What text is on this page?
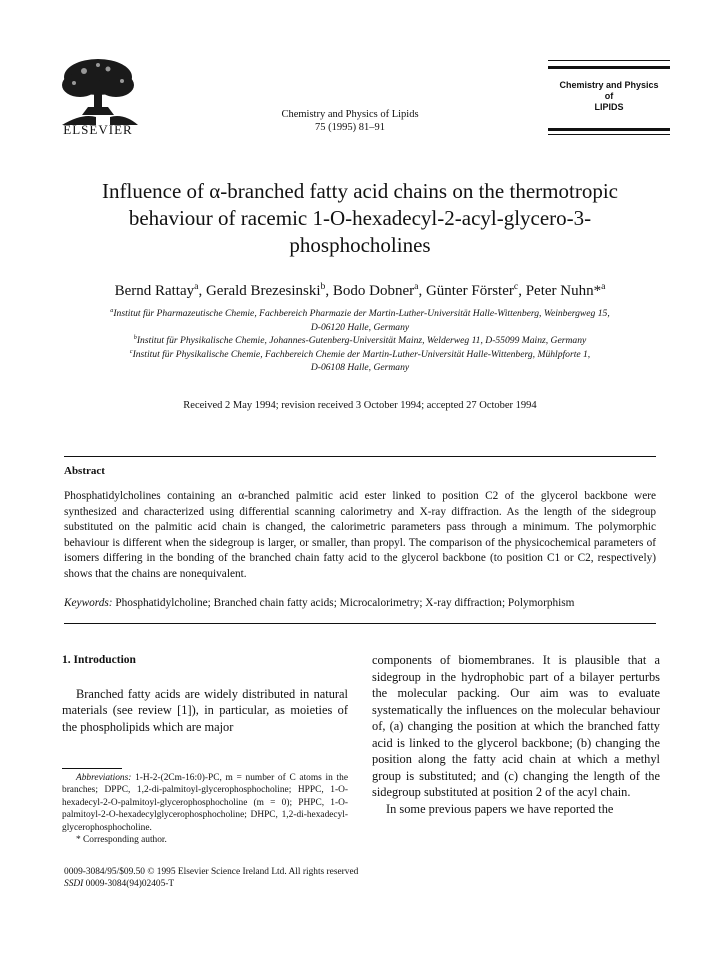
ELSEVIER
Chemistry and Physics of Lipids
75 (1995) 81–91
Chemistry and Physics
of
LIPIDS
Influence of α-branched fatty acid chains on the thermotropic
behaviour of racemic 1-O-hexadecyl-2-acyl-glycero-3-
phosphocholines
Bernd Rattay$^a$, Gerald Brezesinski$^b$, Bodo Dobner$^a$, Günter Förster$^c$, Peter Nuhn*$^a$
$^a$Institut für Pharmazeutische Chemie, Fachbereich Pharmazie der Martin-Luther-Universität Halle-Wittenberg, Weinbergweg 15,
D-06120 Halle, Germany
$^b$Institut für Physikalische Chemie, Johannes-Gutenberg-Universität Mainz, Welderweg 11, D-55099 Mainz, Germany
$^c$Institut für Physikalische Chemie, Fachbereich Chemie der Martin-Luther-Universität Halle-Wittenberg, Mühlpforte 1,
D-06108 Halle, Germany
Received 2 May 1994; revision received 3 October 1994; accepted 27 October 1994
Abstract
Phosphatidylcholines containing an α-branched palmitic acid ester linked to position C2 of the glycerol backbone were synthesized and characterized using differential scanning calorimetry and X-ray diffraction. As the length of the sidegroup substituted on the palmitic acid chain is changed, the calorimetric parameters pass through a minimum. The polymorphic behaviour is different when the sidegroup is larger, or smaller, than propyl. The comparison of the physicochemical parameters of isomers differing in the bonding of the branched chain fatty acid to the glycerol backbone (to position C1 or C2, respectively) shows that the chains are nonequivalent.
Keywords: Phosphatidylcholine; Branched chain fatty acids; Microcalorimetry; X-ray diffraction; Polymorphism
1. Introduction

Branched fatty acids are widely distributed in natural materials (see review [1]), in particular, as moieties of the phospholipids which are major

Abbreviations: 1-H-2-(2Cm-16:0)-PC, m = number of C atoms in the branches; DPPC, 1,2-di-palmitoyl-glycerophosphocholine; HPPC, 1-O-hexadecyl-2-O-palmitoyl-glycerophosphocholine (m = 0); PHPC, 1-O-palmitoyl-2-O-hexadecylglycerophosphocholine; DHPC, 1,2-di-hexadecyl-glycerophosphocholine.
* Corresponding author.

components of biomembranes. It is plausible that a sidegroup in the hydrophobic part of a bilayer perturbs the molecular packing. Our aim was to evaluate systematically the influences on the molecular behaviour of, (a) changing the position at which the branched fatty acid is linked to the glycerol backbone; (b) changing the position along the fatty acid chain at which a methyl group is substituted; and (c) changing the length of the sidegroup substituted at position 2 of the acyl chain.

In some previous papers we have reported the

0009-3084/95/$09.50 © 1995 Elsevier Science Ireland Ltd. All rights reserved
SSDI 0009-3084(94)02405-T
